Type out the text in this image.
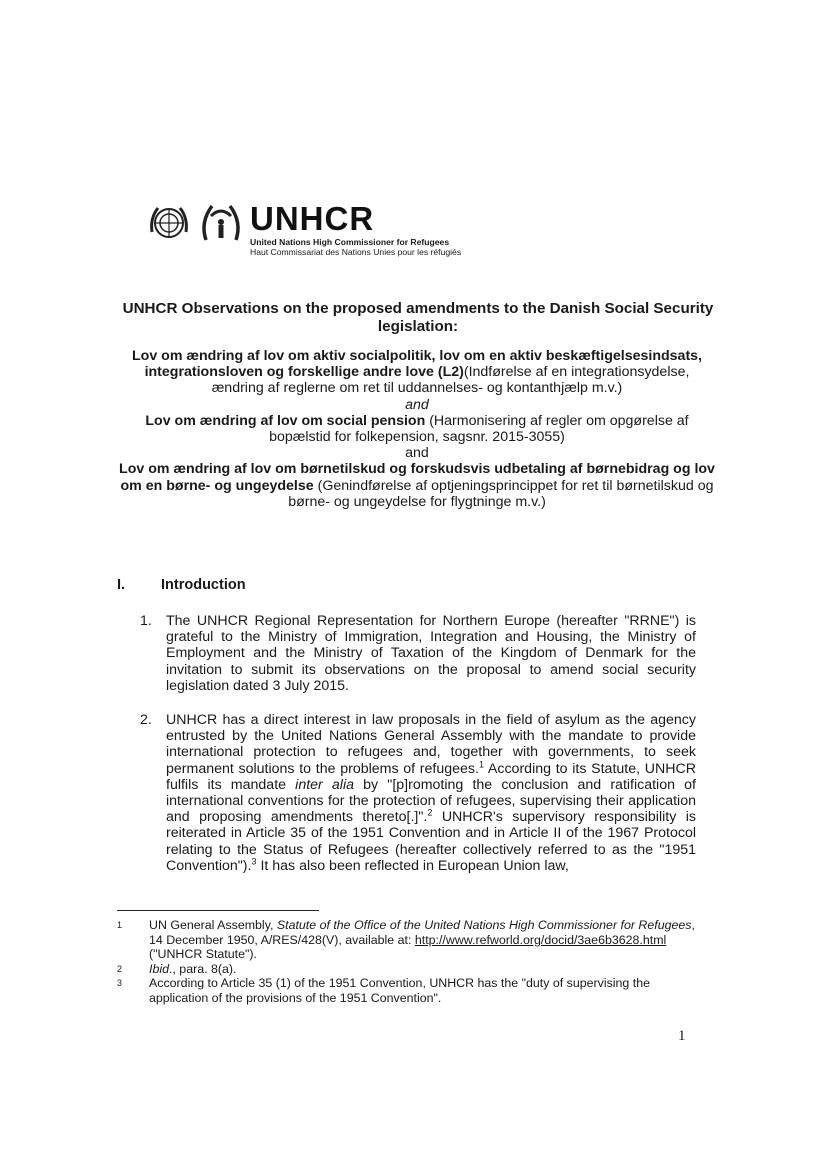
UNHCR
United Nations High Commissioner for Refugees
Haut Commissariat des Nations Unies pour les réfugiés
UNHCR Observations on the proposed amendments to the Danish Social Security legislation:
Lov om ændring af lov om aktiv socialpolitik, lov om en aktiv beskæftigelsesindsats, integrationsloven og forskellige andre love (L2) (Indførelse af en integrationsydelse, ændring af reglerne om ret til uddannelses- og kontanthjælp m.v.)
and
Lov om ændring af lov om social pension (Harmonisering af regler om opgørelse af bopælstid for folkepension, sagsnr. 2015-3055)
and
Lov om ændring af lov om børnetilskud og forskudsvis udbetaling af børnebidrag og lov om en børne- og ungeydelse (Genindførelse af optjeningsprincippet for ret til børnetilskud og børne- og ungeydelse for flygtninge m.v.)
I. Introduction
1. The UNHCR Regional Representation for Northern Europe (hereafter "RRNE") is grateful to the Ministry of Immigration, Integration and Housing, the Ministry of Employment and the Ministry of Taxation of the Kingdom of Denmark for the invitation to submit its observations on the proposal to amend social security legislation dated 3 July 2015.
2. UNHCR has a direct interest in law proposals in the field of asylum as the agency entrusted by the United Nations General Assembly with the mandate to provide international protection to refugees and, together with governments, to seek permanent solutions to the problems of refugees.$^1$ According to its Statute, UNHCR fulfils its mandate inter alia by "[p]romoting the conclusion and ratification of international conventions for the protection of refugees, supervising their application and proposing amendments thereto[.]".$^2$ UNHCR's supervisory responsibility is reiterated in Article 35 of the 1951 Convention and in Article II of the 1967 Protocol relating to the Status of Refugees (hereafter collectively referred to as the "1951 Convention").$^3$ It has also been reflected in European Union law,
1 UN General Assembly, Statute of the Office of the United Nations High Commissioner for Refugees, 14 December 1950, A/RES/428(V), available at: http://www.refworld.org/docid/3ae6b3628.html ("UNHCR Statute").
2 Ibid., para. 8(a).
3 According to Article 35 (1) of the 1951 Convention, UNHCR has the "duty of supervising the application of the provisions of the 1951 Convention".
1
